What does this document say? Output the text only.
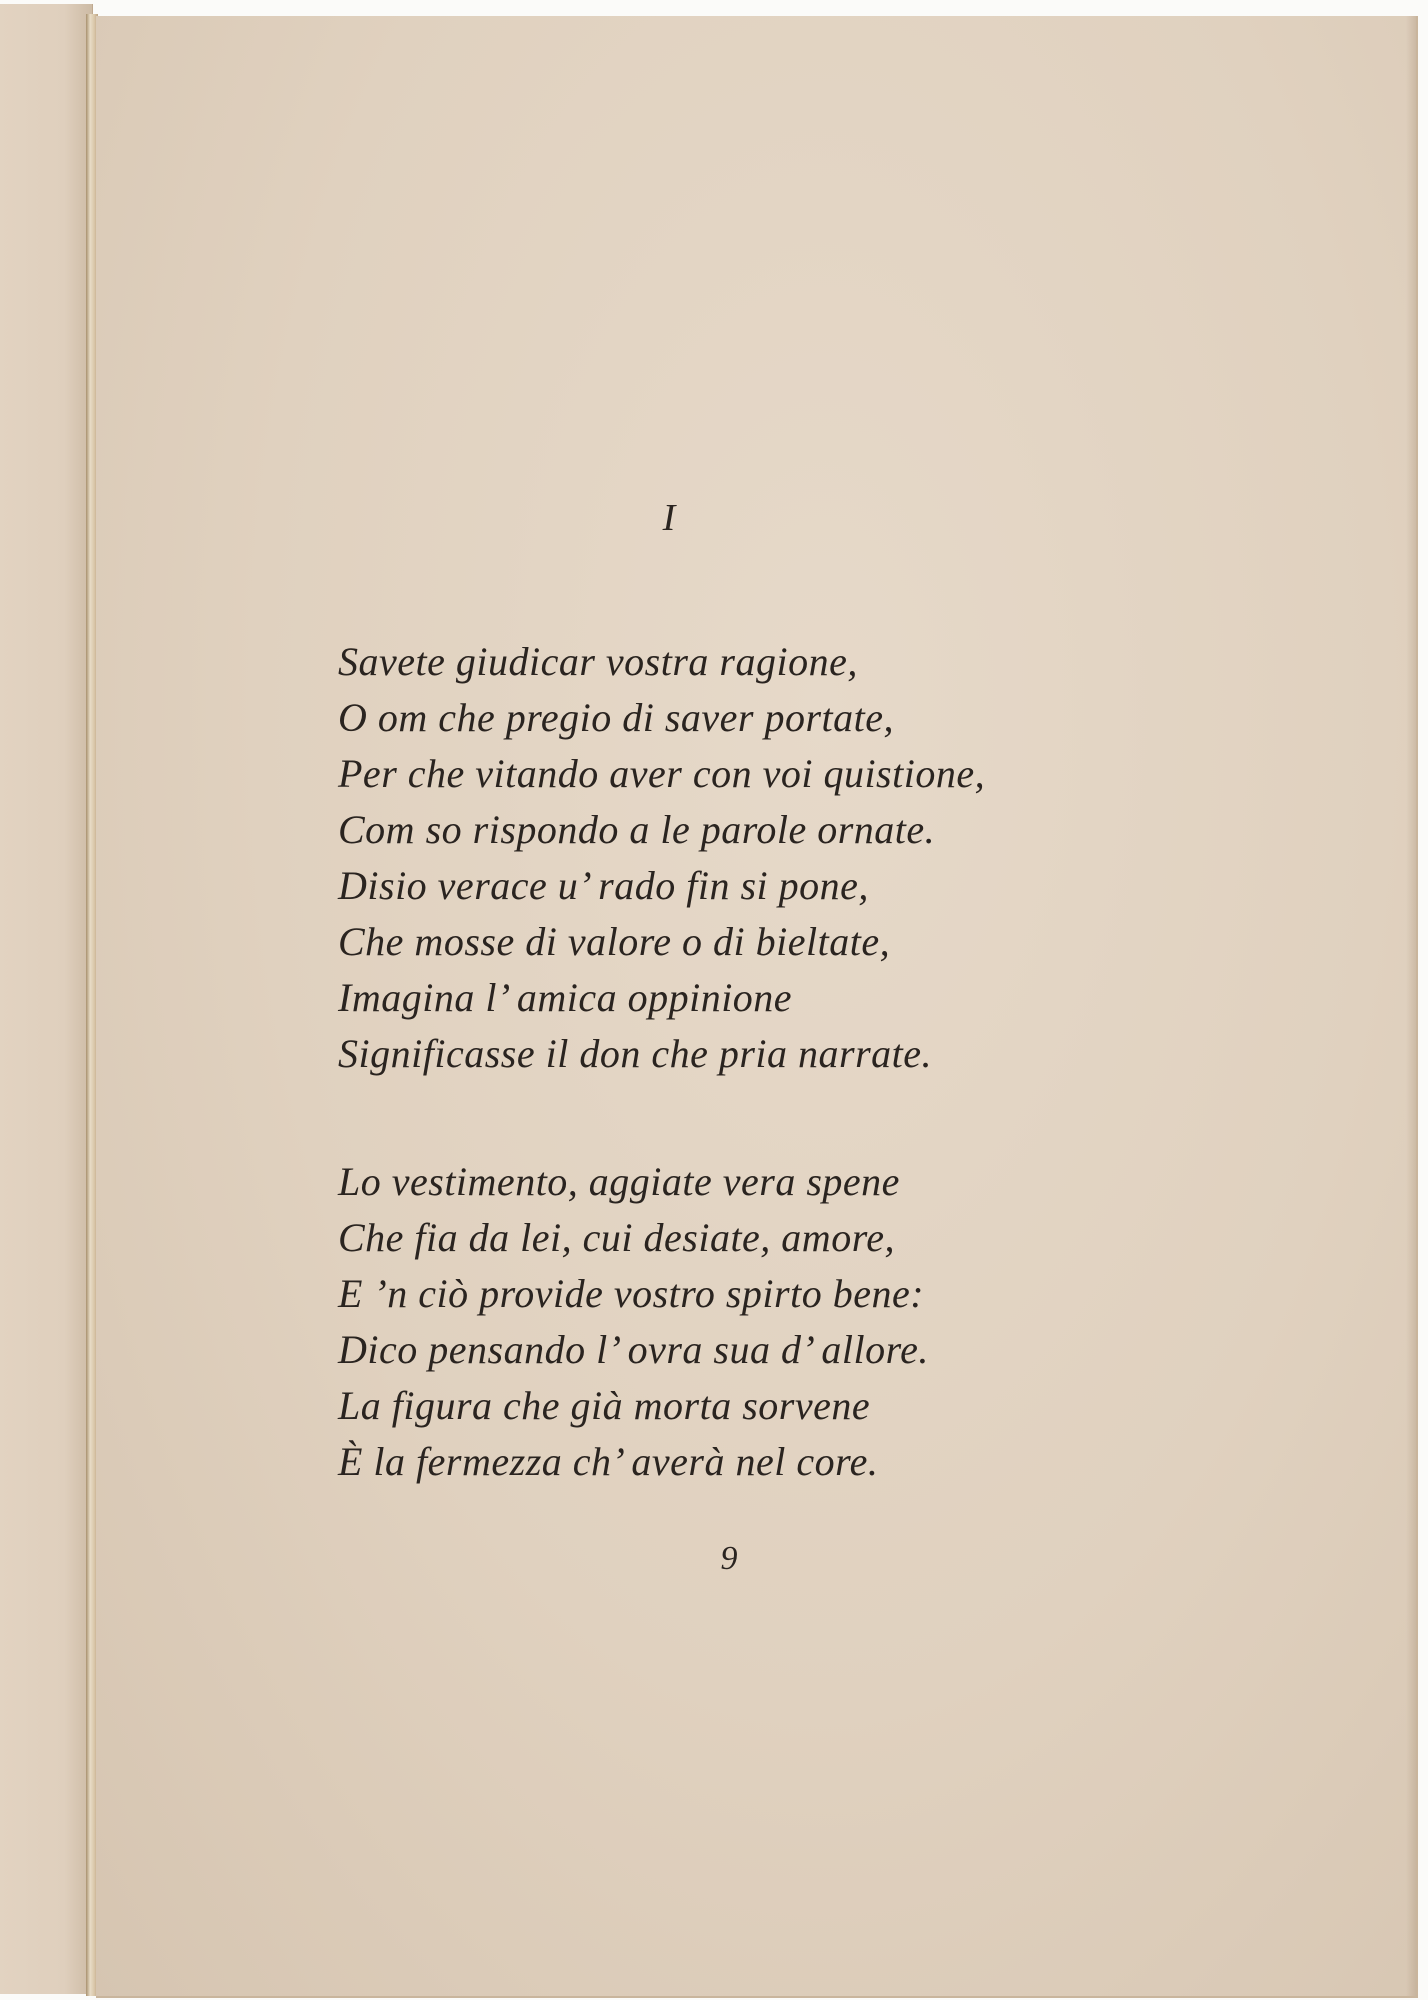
I
Savete giudicar vostra ragione,
O om che pregio di saver portate,
Per che vitando aver con voi quistione,
Com so rispondo a le parole ornate.
Disio verace u’ rado fin si pone,
Che mosse di valore o di bieltate,
Imagina l’ amica oppinione
Significasse il don che pria narrate.
Lo vestimento, aggiate vera spene
Che fia da lei, cui desiate, amore,
E ’n ciò provide vostro spirto bene:
Dico pensando l’ ovra sua d’ allore.
La figura che già morta sorvene
È la fermezza ch’ averà nel core.
9
